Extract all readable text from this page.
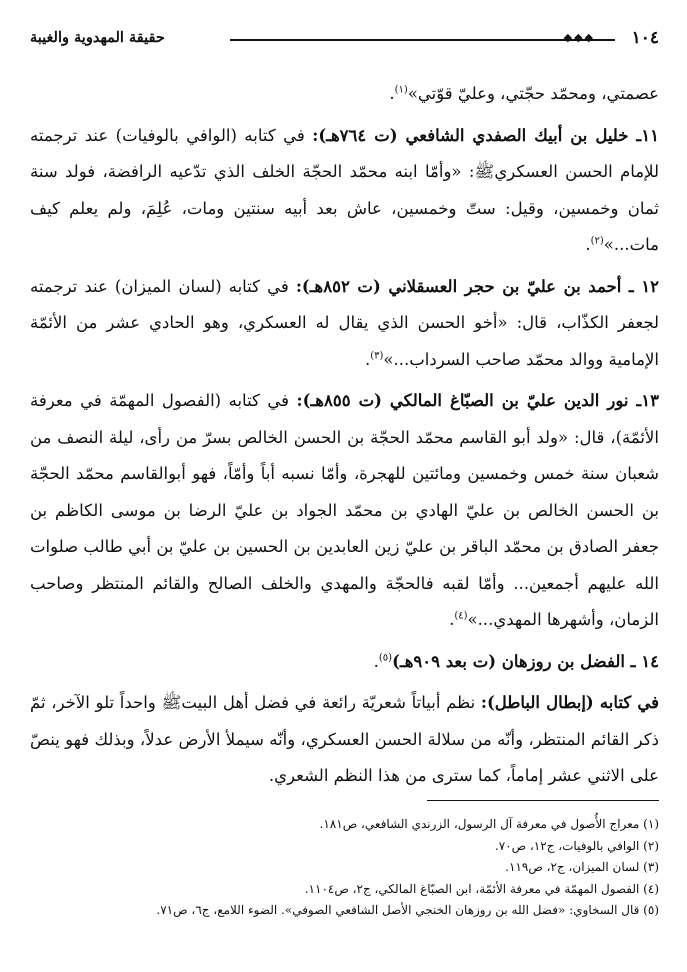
١٠٤
◆◆◆
حقيقة المهدوية والغيبة

عصمتي، ومحمّد حجّتي، وعليّ قوّتي»$^{(١)}$.

١١ـ خليل بن أبيك الصفدي الشافعي (ت ٧٦٤هـ): في كتابه (الوافي بالوفيات) عند ترجمته للإمام الحسن العسكريﷺ: «وأمّا ابنه محمّد الحجّة الخلف الذي تدّعيه الرافضة، فولد سنة ثمان وخمسين، وقيل: ستّ وخمسين، عاش بعد أبيه سنتين ومات، عُلِمَ، ولم يعلم كيف مات...»$^{(٢)}$.

١٢ ـ أحمد بن عليّ بن حجر العسقلاني (ت ٨٥٢هـ): في كتابه (لسان الميزان) عند ترجمته لجعفر الكذّاب، قال: «أخو الحسن الذي يقال له العسكري، وهو الحادي عشر من الأئمّة الإمامية ووالد محمّد صاحب السرداب...»$^{(٣)}$.

١٣ـ نور الدين عليّ بن الصبّاغ المالكي (ت ٨٥٥هـ): في كتابه (الفصول المهمّة في معرفة الأئمّة)، قال: «ولد أبو القاسم محمّد الحجّة بن الحسن الخالص بسرّ من رأى، ليلة النصف من شعبان سنة خمس وخمسين ومائتين للهجرة، وأمّا نسبه أباً وأمّاً، فهو أبوالقاسم محمّد الحجّة بن الحسن الخالص بن عليّ الهادي بن محمّد الجواد بن عليّ الرضا بن موسى الكاظم بن جعفر الصادق بن محمّد الباقر بن عليّ زين العابدين بن الحسين بن عليّ بن أبي طالب صلوات الله عليهم أجمعين... وأمّا لقبه فالحجّة والمهدي والخلف الصالح والقائم المنتظر وصاحب الزمان، وأشهرها المهدي...»$^{(٤)}$.

١٤ ـ الفضل بن روزهان (ت بعد ٩٠٩هـ)$^{(٥)}$.

في كتابه (إبطال الباطل): نظم أبياتاً شعريّة رائعة في فضل أهل البيتﷺ واحداً تلو الآخر، ثمّ ذكر القائم المنتظر، وأنّه من سلالة الحسن العسكري، وأنّه سيملأ الأرض عدلاً، وبذلك فهو ينصّ على الاثني عشر إماماً، كما سترى من هذا النظم الشعري.

(١) معراج الأُصول في معرفة آل الرسول، الزرندي الشافعي، ص١٨١.

(٢) الوافي بالوفيات، ج١٢، ص٧٠.

(٣) لسان الميزان، ج٢، ص١١٩.

(٤) الفصول المهمّة في معرفة الأئمّة، ابن الصبّاغ المالكي، ج٢، ص١١٠٤.

(٥) قال السخاوي: «فضل الله بن روزهان الخنجي الأصل الشافعي الصوفي». الضوء اللامع، ج٦، ص٧١.
